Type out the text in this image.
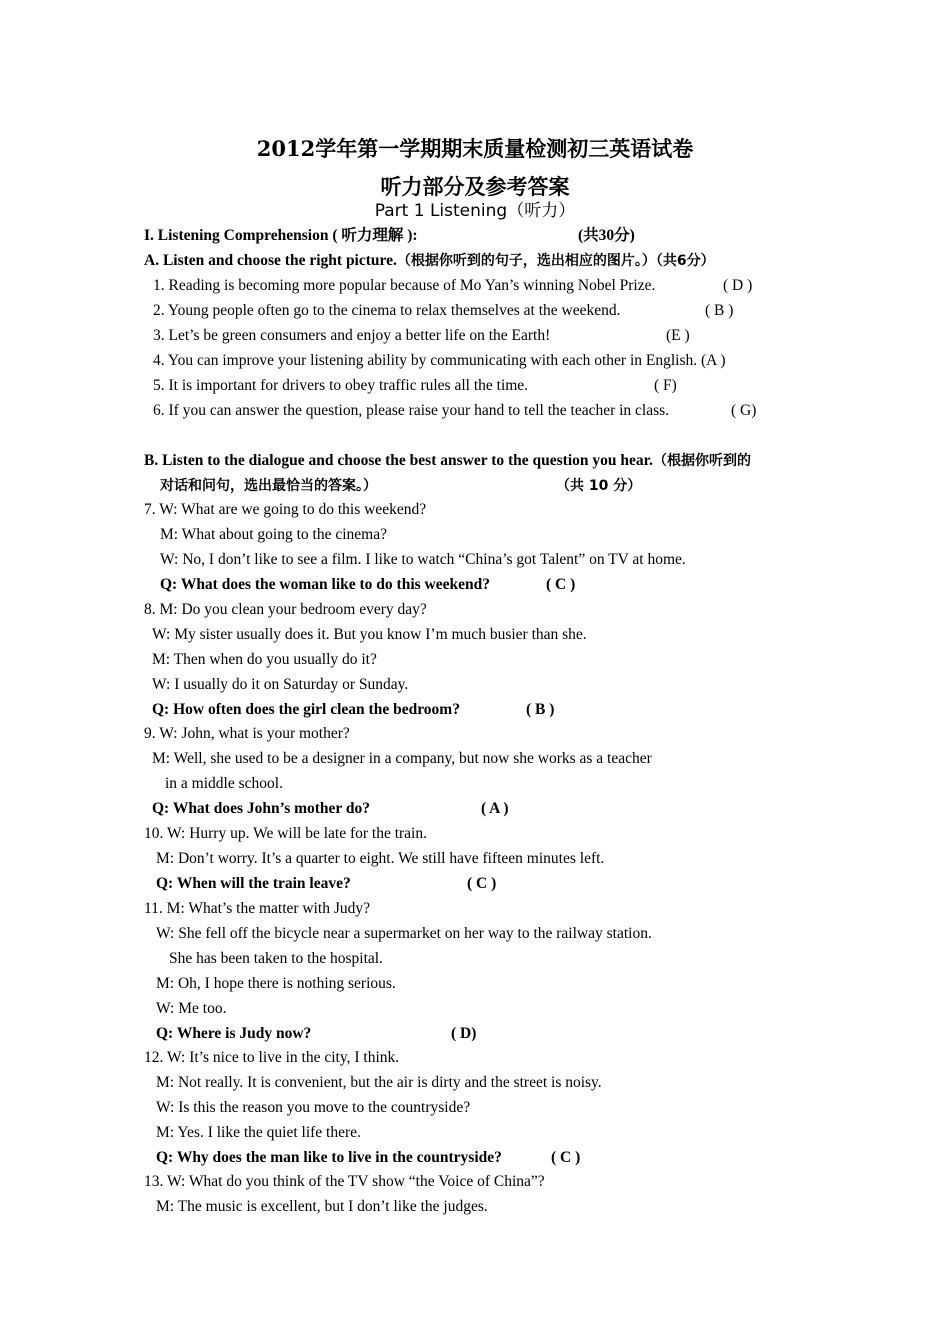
2012学年第一学期期末质量检测初三英语试卷
听力部分及参考答案
Part 1 Listening（听力）
I. Listening Comprehension ( 听力理解 ):	(共30分)
A. Listen and choose the right picture.（根据你听到的句子，选出相应的图片。）（共6分）
1. Reading is becoming more popular because of Mo Yan’s winning Nobel Prize.	( D )
2. Young people often go to the cinema to relax themselves at the weekend.	( B )
3. Let’s be green consumers and enjoy a better life on the Earth!	(E )
4. You can improve your listening ability by communicating with each other in English. (A )
5. It is important for drivers to obey traffic rules all the time.	( F)
6. If you can answer the question, please raise your hand to tell the teacher in class.	( G)
B. Listen to the dialogue and choose the best answer to the question you hear.（根据你听到的
对话和问句，选出最恰当的答案。）	（共 10 分）
7. W: What are we going to do this weekend?
M: What about going to the cinema?
W: No, I don’t like to see a film. I like to watch “China’s got Talent” on TV at home.
Q: What does the woman like to do this weekend?	( C )
8. M: Do you clean your bedroom every day?
W: My sister usually does it. But you know I’m much busier than she.
M: Then when do you usually do it?
W: I usually do it on Saturday or Sunday.
Q: How often does the girl clean the bedroom?	( B )
9. W: John, what is your mother?
M: Well, she used to be a designer in a company, but now she works as a teacher
in a middle school.
Q: What does John’s mother do?	( A )
10. W: Hurry up. We will be late for the train.
M: Don’t worry. It’s a quarter to eight. We still have fifteen minutes left.
Q: When will the train leave?	( C )
11. M: What’s the matter with Judy?
W: She fell off the bicycle near a supermarket on her way to the railway station.
She has been taken to the hospital.
M: Oh, I hope there is nothing serious.
W: Me too.
Q: Where is Judy now?	( D)
12. W: It’s nice to live in the city, I think.
M: Not really. It is convenient, but the air is dirty and the street is noisy.
W: Is this the reason you move to the countryside?
M: Yes. I like the quiet life there.
Q: Why does the man like to live in the countryside?	( C )
13. W: What do you think of the TV show “the Voice of China”?
M: The music is excellent, but I don’t like the judges.
